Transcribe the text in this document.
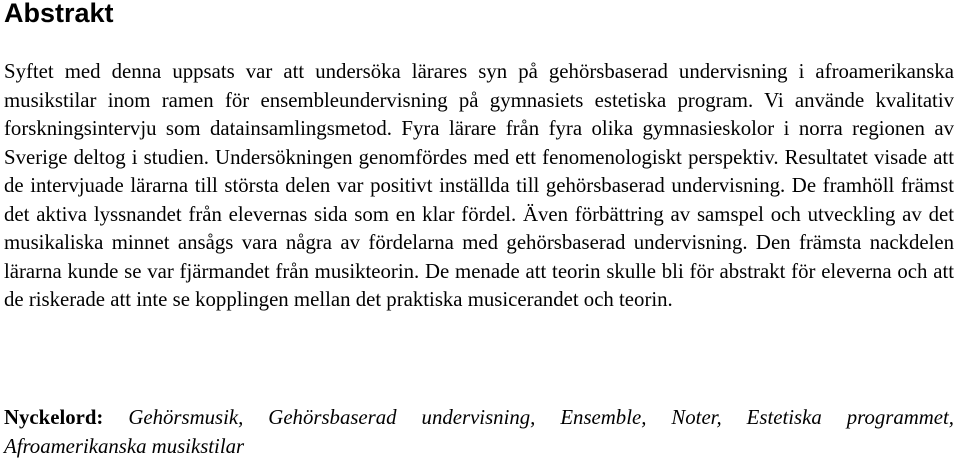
Abstrakt

Syftet med denna uppsats var att undersöka lärares syn på gehörsbaserad undervisning i afroamerikanska musikstilar inom ramen för ensembleundervisning på gymnasiets estetiska program. Vi använde kvalitativ forskningsintervju som datainsamlingsmetod. Fyra lärare från fyra olika gymnasieskolor i norra regionen av Sverige deltog i studien. Undersökningen genomfördes med ett fenomenologiskt perspektiv. Resultatet visade att de intervjuade lärarna till största delen var positivt inställda till gehörsbaserad undervisning. De framhöll främst det aktiva lyssnandet från elevernas sida som en klar fördel. Även förbättring av samspel och utveckling av det musikaliska minnet ansågs vara några av fördelarna med gehörsbaserad undervisning. Den främsta nackdelen lärarna kunde se var fjärmandet från musikteorin. De menade att teorin skulle bli för abstrakt för eleverna och att de riskerade att inte se kopplingen mellan det praktiska musicerandet och teorin.

Nyckelord: Gehörsmusik, Gehörsbaserad undervisning, Ensemble, Noter, Estetiska programmet, Afroamerikanska musikstilar
